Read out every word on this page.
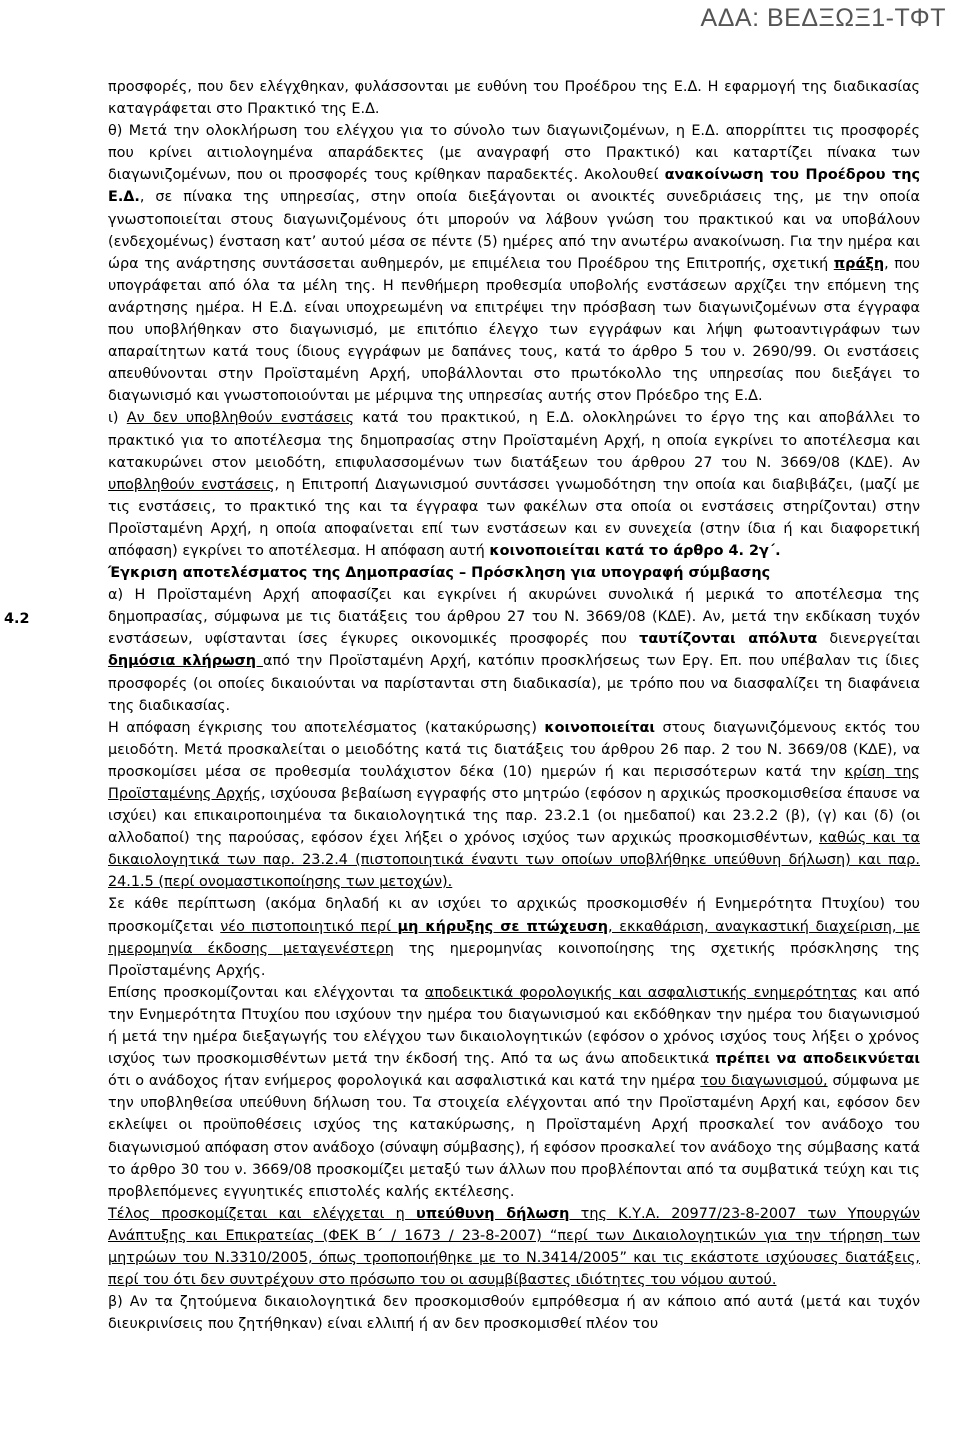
ΑΔΑ: ΒΕΔΞΩΞ1-ΤΦΤ
4.2

προσφορές, που δεν ελέγχθηκαν, φυλάσσονται με ευθύνη του Προέδρου της Ε.Δ. Η εφαρμογή της διαδικασίας καταγράφεται στο Πρακτικό της Ε.Δ.

θ) Μετά την ολοκλήρωση του ελέγχου για το σύνολο των διαγωνιζομένων, η Ε.Δ. απορρίπτει τις προσφορές που κρίνει αιτιολογημένα απαράδεκτες (με αναγραφή στο Πρακτικό) και καταρτίζει πίνακα των διαγωνιζομένων, που οι προσφορές τους κρίθηκαν παραδεκτές. Ακολουθεί ανακοίνωση του Προέδρου της Ε.Δ., σε πίνακα της υπηρεσίας, στην οποία διεξάγονται οι ανοικτές συνεδριάσεις της, με την οποία γνωστοποιείται στους διαγωνιζομένους ότι μπορούν να λάβουν γνώση του πρακτικού και να υποβάλουν (ενδεχομένως) ένσταση κατ’ αυτού μέσα σε πέντε (5) ημέρες από την ανωτέρω ανακοίνωση. Για την ημέρα και ώρα της ανάρτησης συντάσσεται αυθημερόν, με επιμέλεια του Προέδρου της Επιτροπής, σχετική πράξη, που υπογράφεται από όλα τα μέλη της. Η πενθήμερη προθεσμία υποβολής ενστάσεων αρχίζει την επόμενη της ανάρτησης ημέρα. Η Ε.Δ. είναι υποχρεωμένη να επιτρέψει την πρόσβαση των διαγωνιζομένων στα έγγραφα που υποβλήθηκαν στο διαγωνισμό, με επιτόπιο έλεγχο των εγγράφων και λήψη φωτοαντιγράφων των απαραίτητων κατά τους ίδιους εγγράφων με δαπάνες τους, κατά το άρθρο 5 του ν. 2690/99. Οι ενστάσεις απευθύνονται στην Προϊσταμένη Αρχή, υποβάλλονται στο πρωτόκολλο της υπηρεσίας που διεξάγει το διαγωνισμό και γνωστοποιούνται με μέριμνα της υπηρεσίας αυτής στον Πρόεδρο της Ε.Δ.

ι) Αν δεν υποβληθούν ενστάσεις κατά του πρακτικού, η Ε.Δ. ολοκληρώνει το έργο της και αποβάλλει το πρακτικό για το αποτέλεσμα της δημοπρασίας στην Προϊσταμένη Αρχή, η οποία εγκρίνει το αποτέλεσμα και κατακυρώνει στον μειοδότη, επιφυλασσομένων των διατάξεων του άρθρου 27 του Ν. 3669/08 (ΚΔΕ). Αν υποβληθούν ενστάσεις, η Επιτροπή Διαγωνισμού συντάσσει γνωμοδότηση την οποία και διαβιβάζει, (μαζί με τις ενστάσεις, το πρακτικό της και τα έγγραφα των φακέλων στα οποία οι ενστάσεις στηρίζονται) στην Προϊσταμένη Αρχή, η οποία αποφαίνεται επί των ενστάσεων και εν συνεχεία (στην ίδια ή και διαφορετική απόφαση) εγκρίνει το αποτέλεσμα. Η απόφαση αυτή κοινοποιείται κατά το άρθρο 4. 2γ΄.

Έγκριση αποτελέσματος της Δημοπρασίας – Πρόσκληση για υπογραφή σύμβασης

α) Η Προϊσταμένη Αρχή αποφασίζει και εγκρίνει ή ακυρώνει συνολικά ή μερικά το αποτέλεσμα της δημοπρασίας, σύμφωνα με τις διατάξεις του άρθρου 27 του Ν. 3669/08 (ΚΔΕ). Αν, μετά την εκδίκαση τυχόν ενστάσεων, υφίστανται ίσες έγκυρες οικονομικές προσφορές που ταυτίζονται απόλυτα διενεργείται δημόσια κλήρωση από την Προϊσταμένη Αρχή, κατόπιν προσκλήσεως των Εργ. Επ. που υπέβαλαν τις ίδιες προσφορές (οι οποίες δικαιούνται να παρίστανται στη διαδικασία), με τρόπο που να διασφαλίζει τη διαφάνεια της διαδικασίας.

Η απόφαση έγκρισης του αποτελέσματος (κατακύρωσης) κοινοποιείται στους διαγωνιζόμενους εκτός του μειοδότη. Μετά προσκαλείται ο μειοδότης κατά τις διατάξεις του άρθρου 26 παρ. 2 του Ν. 3669/08 (ΚΔΕ), να προσκομίσει μέσα σε προθεσμία τουλάχιστον δέκα (10) ημερών ή και περισσότερων κατά την κρίση της Προϊσταμένης Αρχής, ισχύουσα βεβαίωση εγγραφής στο μητρώο (εφόσον η αρχικώς προσκομισθείσα έπαυσε να ισχύει) και επικαιροποιημένα τα δικαιολογητικά της παρ. 23.2.1 (οι ημεδαποί) και 23.2.2 (β), (γ) και (δ) (οι αλλοδαποί) της παρούσας, εφόσον έχει λήξει ο χρόνος ισχύος των αρχικώς προσκομισθέντων, καθώς και τα δικαιολογητικά των παρ. 23.2.4 (πιστοποιητικά έναντι των οποίων υποβλήθηκε υπεύθυνη δήλωση) και παρ. 24.1.5 (περί ονομαστικοποίησης των μετοχών).

Σε κάθε περίπτωση (ακόμα δηλαδή κι αν ισχύει το αρχικώς προσκομισθέν ή Ενημερότητα Πτυχίου) του προσκομίζεται νέο πιστοποιητικό περί μη κήρυξης σε πτώχευση, εκκαθάριση, αναγκαστική διαχείριση, με ημερομηνία έκδοσης μεταγενέστερη της ημερομηνίας κοινοποίησης της σχετικής πρόσκλησης της Προϊσταμένης Αρχής.

Επίσης προσκομίζονται και ελέγχονται τα αποδεικτικά φορολογικής και ασφαλιστικής ενημερότητας και από την Ενημερότητα Πτυχίου που ισχύουν την ημέρα του διαγωνισμού και εκδόθηκαν την ημέρα του διαγωνισμού ή μετά την ημέρα διεξαγωγής του ελέγχου των δικαιολογητικών (εφόσον ο χρόνος ισχύος τους λήξει ο χρόνος ισχύος των προσκομισθέντων μετά την έκδοσή της. Από τα ως άνω αποδεικτικά πρέπει να αποδεικνύεται ότι ο ανάδοχος ήταν ενήμερος φορολογικά και ασφαλιστικά και κατά την ημέρα του διαγωνισμού, σύμφωνα με την υποβληθείσα υπεύθυνη δήλωση του. Τα στοιχεία ελέγχονται από την Προϊσταμένη Αρχή και, εφόσον δεν εκλείψει οι προϋποθέσεις ισχύος της κατακύρωσης, η Προϊσταμένη Αρχή προσκαλεί τον ανάδοχο του διαγωνισμού απόφαση στον ανάδοχο (σύναψη σύμβασης), ή εφόσον προσκαλεί τον ανάδοχο της σύμβασης κατά το άρθρο 30 του ν. 3669/08 προσκομίζει μεταξύ των άλλων που προβλέπονται από τα συμβατικά τεύχη και τις προβλεπόμενες εγγυητικές επιστολές καλής εκτέλεσης.

Τέλος προσκομίζεται και ελέγχεται η υπεύθυνη δήλωση της Κ.Υ.Α. 20977/23-8-2007 των Υπουργών Ανάπτυξης και Επικρατείας (ΦΕΚ Β΄ / 1673 / 23-8-2007) “περί των Δικαιολογητικών για την τήρηση των μητρώων του Ν.3310/2005, όπως τροποποιήθηκε με το Ν.3414/2005” και τις εκάστοτε ισχύουσες διατάξεις, περί του ότι δεν συντρέχουν στο πρόσωπο του οι ασυμβίβαστες ιδιότητες του νόμου αυτού.

β) Αν τα ζητούμενα δικαιολογητικά δεν προσκομισθούν εμπρόθεσμα ή αν κάποιο από αυτά (μετά και τυχόν διευκρινίσεις που ζητήθηκαν) είναι ελλιπή ή αν δεν προσκομισθεί πλέον του
